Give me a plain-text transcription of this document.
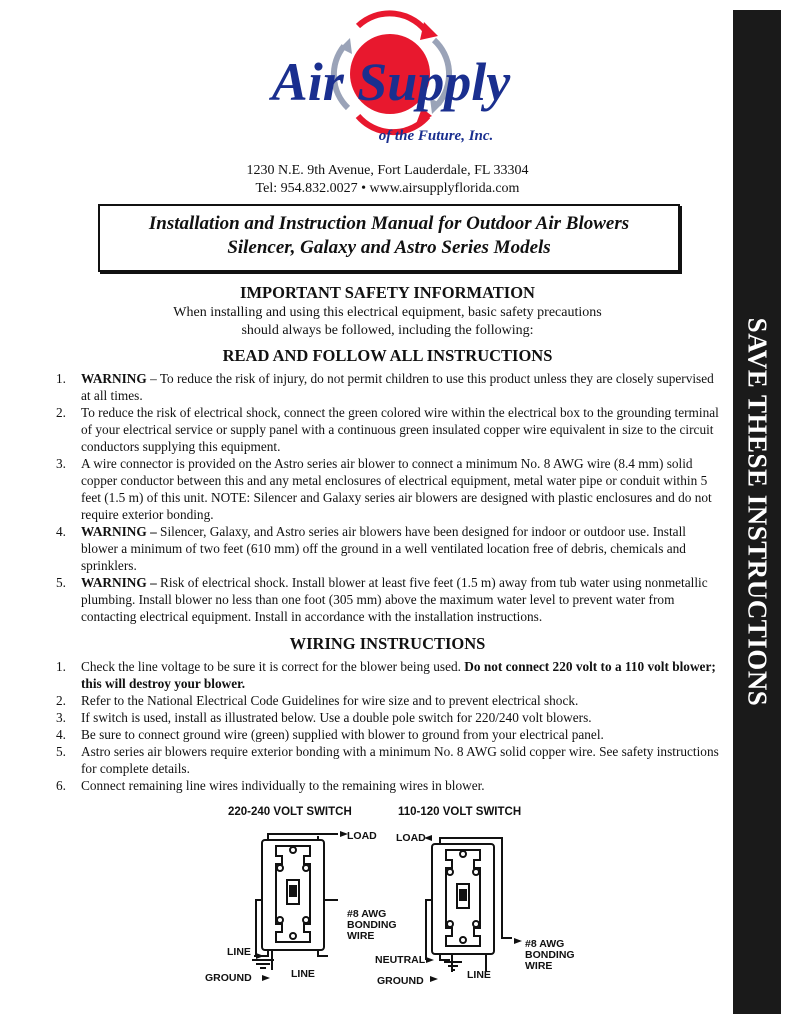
SAVE THESE INSTRUCTIONS
Air Supply
of the Future, Inc.
1230 N.E. 9th Avenue, Fort Lauderdale, FL 33304
Tel: 954.832.0027 • www.airsupplyflorida.com
Installation and Instruction Manual for Outdoor Air Blowers
Silencer, Galaxy and Astro Series Models
IMPORTANT SAFETY INFORMATION
When installing and using this electrical equipment, basic safety precautions
should always be followed, including the following:
READ AND FOLLOW ALL INSTRUCTIONS
1. WARNING – To reduce the risk of injury, do not permit children to use this product unless they are closely supervised at all times.
2. To reduce the risk of electrical shock, connect the green colored wire within the electrical box to the grounding terminal of your electrical service or supply panel with a continuous green insulated copper wire equivalent in size to the circuit conductors supplying this equipment.
3. A wire connector is provided on the Astro series air blower to connect a minimum No. 8 AWG wire (8.4 mm) solid copper conductor between this and any metal enclosures of electrical equipment, metal water pipe or conduit within 5 feet (1.5 m) of this unit. NOTE: Silencer and Galaxy series air blowers are designed with plastic enclosures and do not require exterior bonding.
4. WARNING – Silencer, Galaxy, and Astro series air blowers have been designed for indoor or outdoor use. Install blower a minimum of two feet (610 mm) off the ground in a well ventilated location free of debris, chemicals and sprinklers.
5. WARNING – Risk of electrical shock. Install blower at least five feet (1.5 m) away from tub water using nonmetallic plumbing. Install blower no less than one foot (305 mm) above the maximum water level to prevent water from contacting electrical equipment. Install in accordance with the installation instructions.
WIRING INSTRUCTIONS
1. Check the line voltage to be sure it is correct for the blower being used. Do not connect 220 volt to a 110 volt blower; this will destroy your blower.
2. Refer to the National Electrical Code Guidelines for wire size and to prevent electrical shock.
3. If switch is used, install as illustrated below. Use a double pole switch for 220/240 volt blowers.
4. Be sure to connect ground wire (green) supplied with blower to ground from your electrical panel.
5. Astro series air blowers require exterior bonding with a minimum No. 8 AWG solid copper wire. See safety instructions for complete details.
6. Connect remaining line wires individually to the remaining wires in blower.
220-240 VOLT SWITCH	110-120 VOLT SWITCH
LOAD
#8 AWG
BONDING
WIRE
LINE
GROUND	LINE
LOAD
#8 AWG
BONDING
WIRE
NEUTRAL
GROUND	LINE
